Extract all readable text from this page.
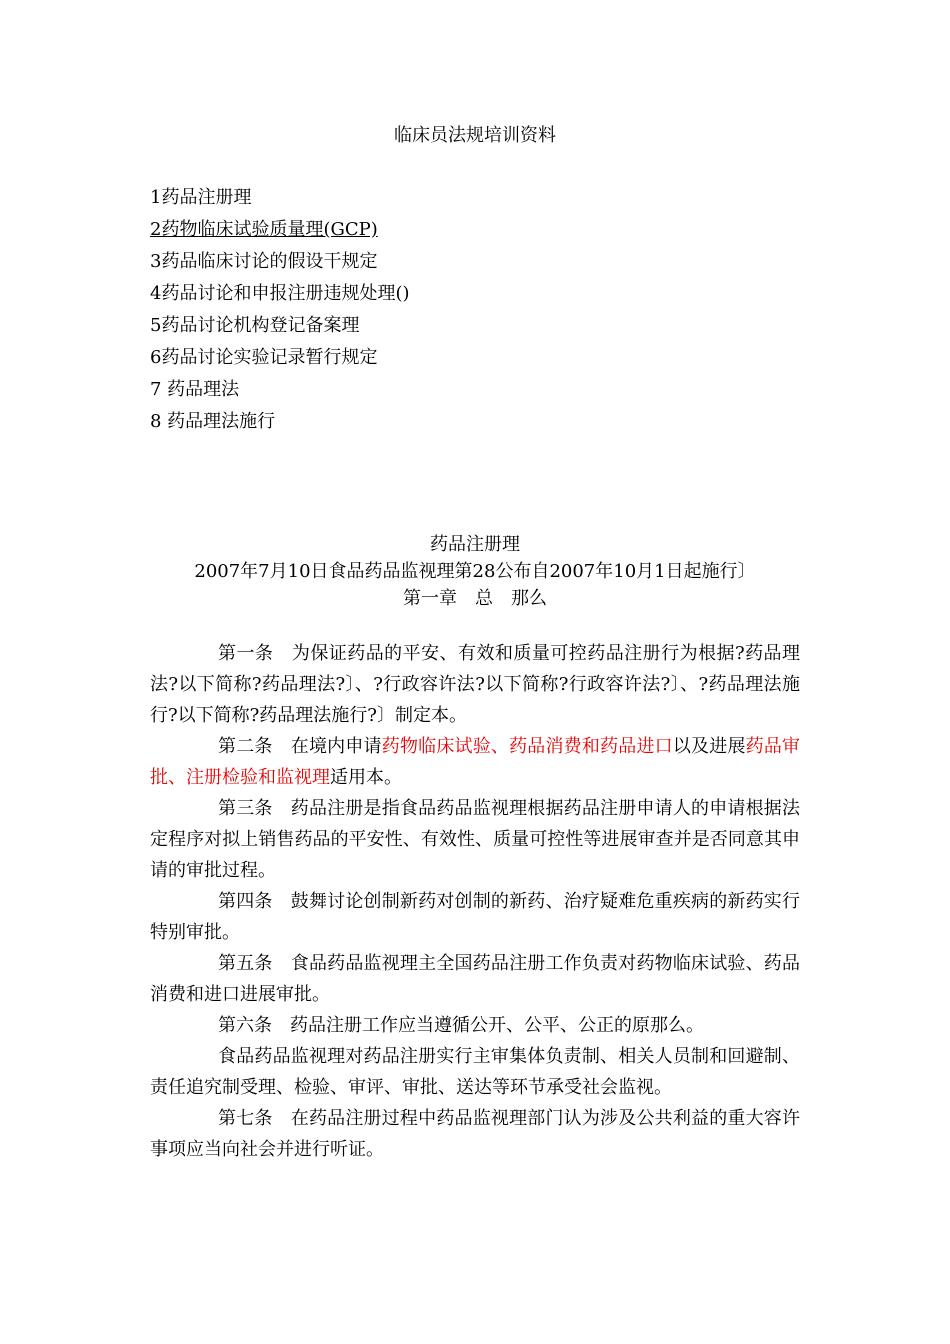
临床员法规培训资料
1药品注册理
2药物临床试验质量理(GCP)
3药品临床讨论的假设干规定
4药品讨论和申报注册违规处理()
5药品讨论机构登记备案理
6药品讨论实验记录暂行规定
7 药品理法
8 药品理法施行
药品注册理
2007年7月10日食品药品监视理第28公布自2007年10月1日起施行〕
第一章　总　那么

第一条　为保证药品的平安、有效和质量可控药品注册行为根据?药品理法?以下简称?药品理法?〕、?行政容许法?以下简称?行政容许法?〕、?药品理法施行?以下简称?药品理法施行?〕制定本。

第二条　在境内申请药物临床试验、药品消费和药品进口以及进展药品审批、注册检验和监视理适用本。

第三条　药品注册是指食品药品监视理根据药品注册申请人的申请根据法定程序对拟上销售药品的平安性、有效性、质量可控性等进展审查并是否同意其申请的审批过程。

第四条　鼓舞讨论创制新药对创制的新药、治疗疑难危重疾病的新药实行特别审批。

第五条　食品药品监视理主全国药品注册工作负责对药物临床试验、药品消费和进口进展审批。

第六条　药品注册工作应当遵循公开、公平、公正的原那么。

食品药品监视理对药品注册实行主审集体负责制、相关人员制和回避制、责任追究制受理、检验、审评、审批、送达等环节承受社会监视。

第七条　在药品注册过程中药品监视理部门认为涉及公共利益的重大容许事项应当向社会并进行听证。
